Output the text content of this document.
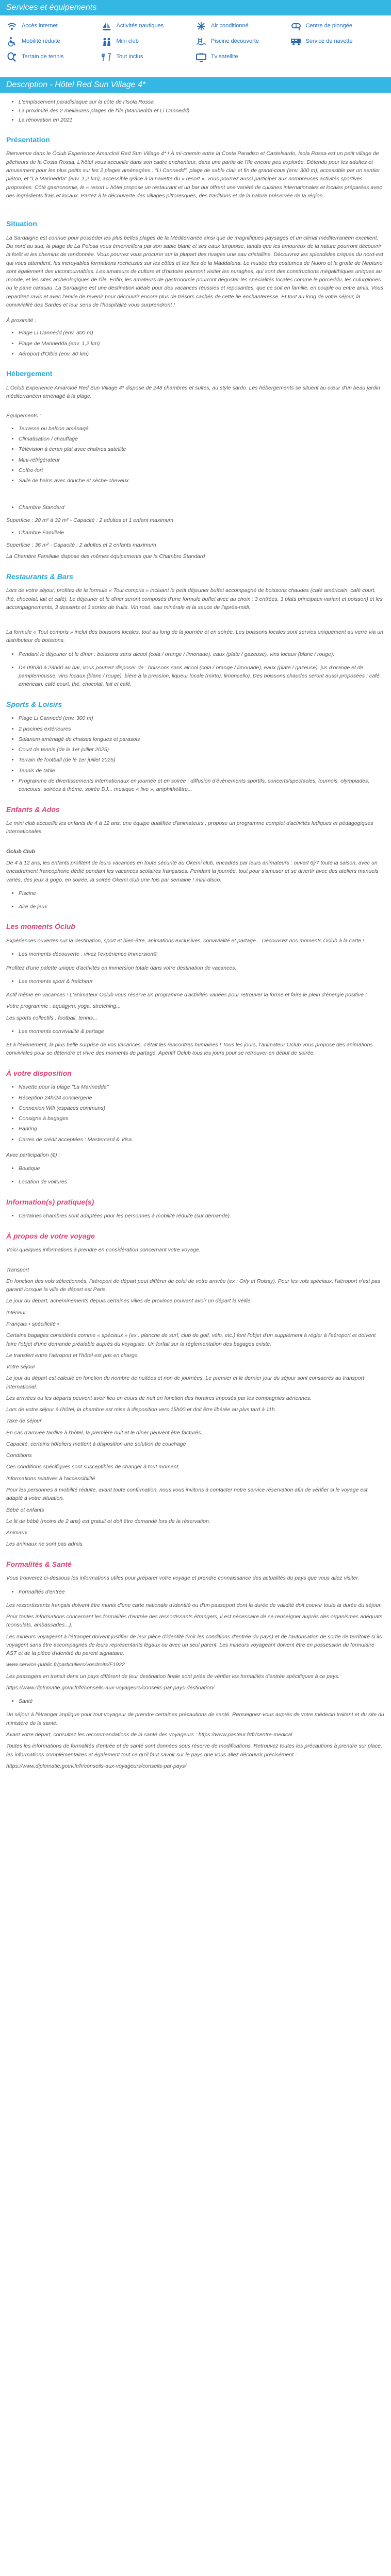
Services et équipements
Accès internet	Activités nautiques	Air conditionné	Centre de plongée
Mobilité réduite	Mini club	Piscine découverte	Service de navette
Terrain de tennis	Tout inclus	Tv satellite
Description - Hôtel Red Sun Village 4*
• L'emplacement paradisiaque sur la côte de l'Isola Rossa
• La proximité des 2 meilleures plages de l'île (Marinedda et Li Cannedd)
• La rénovation en 2021
Présentation

Bienvenue dans le Óclub Experience Amarcloé Red Sun Village 4* ! À mi-chemin entre la Costa Paradiso et Castelsardo, Isola Rossa est un petit village de pêcheurs de la Costa Rossa. L'hôtel vous accueille dans son cadre enchanteur, dans une partie de l'île encore peu explorée. Détendu pour les adultes et amusement pour les plus petits sur les 2 plages aménagées : "Li Cannedd", plage de sable clair et fin de grand-cous (env. 300 m), accessible par un sentier piéton, et "La Marinedda" (env. 1,2 km), accessible grâce à la navette du « resort », vous pourrez aussi participer aux nombreuses activités sportives proposées. Côté gastronomie, le « resort » hôtel propose un restaurant et un bar qui offrent une variété de cuisines internationales et locales préparées avec des ingrédients frais et locaux. Partez à la découverte des villages pittoresques, des traditions et de la nature préservée de la région.

Situation

La Sardaigne est connue pour posséder les plus belles plages de la Méditerranée ainsi que de magnifiques paysages et un climat méditerranéen excellent. Du nord au sud, la plage de La Pelosa vous émerveillera par son sable blanc et ses eaux turquoise, tandis que les amoureux de la nature pourront découvrir la forêt et les chemins de randonnée. Vous pourrez vous procurer sur la plupart des rivages une eau cristalline. Découvrez les splendides criques du nord-est qui vous attendent, les incroyables formations rocheuses sur les côtes et les îles de la Maddalena. Le musée des costumes de Nuoro et la grotte de Neptune sont également des incontournables. Les amateurs de culture et d'histoire pourront visiter les nuraghes, qui sont des constructions mégalithiques uniques au monde, et les sites archéologiques de l'île. Enfin, les amateurs de gastronomie pourront déguster les spécialités locales comme le porceddu, les culurgiones ou le pane carasau. La Sardaigne est une destination idéale pour des vacances réussies et reposantes, que ce soit en famille, en couple ou entre amis. Vous repartirez ravis et avec l'envie de revenir pour découvrir encore plus de trésors cachés de cette île enchanteresse. Et tout au long de votre séjour, la convivialité des Sardes et leur sens de l'hospitalité vous surprendront !

À proximité :

• Plage Li Cannedd (env. 300 m)
• Plage de Marinedda (env. 1,2 km)
• Aéroport d'Olbia (env. 80 km)
Hébergement

L'Óclub Experience Amarcloé Red Sun Village 4* dispose de 248 chambres et suites, au style sardo. Les hébergements se situent au cœur d'un beau jardin méditerranéen aménagé à la plage.

Équipements :

• Terrasse ou balcon aménagé
• Climatisation / chauffage
• Télévision à écran plat avec chaînes satellite
• Mini-réfrigérateur
• Coffre-fort
• Salle de bains avec douche et sèche-cheveux
• Chambre Standard

Superficie : 28 m² à 32 m² - Capacité : 2 adultes et 1 enfant maximum

• Chambre Familiale

Superficie : 36 m² - Capacité : 2 adultes et 2 enfants maximum

La Chambre Familiale dispose des mêmes équipements que la Chambre Standard

Restaurants & Bars

Lors de votre séjour, profitez de la formule « Tout compris » incluant le petit déjeuner buffet accompagné de boissons chaudes (café américain, café court, thé, chocolat, lait et café). Le déjeuner et le dîner seront composés d'une formule buffet avec au choix : 3 entrées, 3 plats principaux variant et poisson) et les accompagnements, 3 desserts et 3 sortes de fruits. Vin rosé, eau minérale et la sauce de l'après-midi.

La formule « Tout compris » inclut des boissons locales, tout au long de la journée et en soirée. Les boissons locales sont servies uniquement au verre via un distributeur de boissons.

• Pendant le déjeuner et le dîner : boissons sans alcool (cola / orange / limonade), eaux (plate / gazeuse), vins locaux (blanc / rouge).
• De 09h30 à 23h00 au bar, vous pourrez disposer de : boissons sans alcool (cola / orange / limonade), eaux (plate / gazeuse), jus d'orange et de pamplemousse, vins locaux (blanc / rouge), bière à la pression, liqueur locale (mirto), limoncello). Des boissons chaudes seront aussi proposées : café américain, café court, thé, chocolat, lait et café.
Sports & Loisirs
• Plage Li Cannedd (env. 300 m)
• 2 piscines extérieures
• Solarium aménagé de chaises longues et parasols
• Court de tennis (de le 1er juillet 2025)
• Terrain de football (de le 1er juillet 2025)
• Tennis de table
• Programme de divertissements internationaux en journée et en soirée : diffusion d'évènements sportifs, concerts/spectacles, tournois, olympiades, concours, soirées à thème, soirée DJ... musique « live », amphithéâtre...
Enfants & Ados

Le mini club accueille les enfants de 4 à 12 ans, une équipe qualifiée d'animateurs ; propose un programme complet d'activités ludiques et pédagogiques internationales.

Óclub Club

De 4 à 12 ans, les enfants profitent de leurs vacances en toute sécurité au Ókemi club, encadrés par leurs animateurs : ouvert 6j/7 toute la saison, avec un encadrement francophone dédié pendant les vacances scolaires françaises. Pendant la journée, tout pour s'amuser et se divertir avec des ateliers manuels variés, des jeux à gogo, en soirée, la soirée Ókemi club une fois par semaine ! mini-disco.

• Piscine
• Aire de jeux
Les moments Óclub

Expériences ouvertes sur la destination, sport et bien-être, animations exclusives, convivialité et partage... Découvrez nos moments Óclub à la carte !

• Les moments découverte : vivez l'expérience Immersion®

Profitez d'une palette unique d'activités en immersion totale dans votre destination de vacances.

• Les moments sport & fraîcheur

Actif même en vacances ! L'animateur Óclub vous réserve un programme d'activités variées pour retrouver la forme et faire le plein d'énergie positive !

Votre programme : aquagym, yoga, stretching...

Les sports collectifs : football, tennis...

• Les moments convivialité & partage

Et à l'évènement, la plus belle surprise de vos vacances, c'était les rencontres humaines ! Tous les jours, l'animateur Óclub vous propose des animations conviviales pour se détendre et vivre des moments de partage. Apéritif Óclub tous les jours pour se retrouver en début de soirée.

À votre disposition
• Navette pour la plage "La Marinedda"
• Réception 24h/24 conciergerie
• Connexion Wifi (espaces communs)
• Consigne à bagages
• Parking
• Cartes de crédit acceptées : Mastercard & Visa.

Avec participation (€) :

• Boutique
• Location de voitures
Information(s) pratique(s)
• Certaines chambres sont adaptées pour les personnes à mobilité réduite (sur demande).
À propos de votre voyage

Voici quelques informations à prendre en considération concernant votre voyage.

Transport

En fonction des vols sélectionnés, l'aéroport de départ peut différer de celui de votre arrivée (ex : Orly et Roissy). Pour les vols spéciaux, l'aéroport n'est pas garanti lorsque la ville de départ est Paris.

Le jour du départ, acheminements depuis certaines villes de province pouvant avoir un départ la veille.

Intérieur

Français • spécificité •

Certains bagages considérés comme « spéciaux » (ex : planche de surf, club de golf, vélo, etc.) font l'objet d'un supplément à régler à l'aéroport et doivent faire l'objet d'une demande préalable auprès du voyagiste. Un forfait sur la réglementation des bagages existe.

Le transfert entre l'aéroport et l'hôtel est pris en charge.

Votre séjour

Le jour du départ est calculé en fonction du nombre de nuitées et non de journées. Le premier et le dernier jour du séjour sont consacrés au transport international.

Les arrivées ou les départs peuvent avoir lieu en cours de nuit en fonction des horaires imposés par les compagnies aériennes.

Lors de votre séjour à l'hôtel, la chambre est mise à disposition vers 15h00 et doit être libérée au plus tard à 11h.

Taxe de séjour

En cas d'arrivée tardive à l'hôtel, la première nuit et le dîner peuvent être facturés.

Capacité, certains hôteliers mettent à disposition une solution de couchage

Conditions

Ces conditions spécifiques sont susceptibles de changer à tout moment.

Informations relatives à l'accessibilité

Pour les personnes à mobilité réduite, avant toute confirmation, nous vous invitons à contacter notre service réservation afin de vérifier si le voyage est adapté à votre situation.

Bébé et enfants

Le lit de bébé (moins de 2 ans) est gratuit et doit être demandé lors de la réservation.

Animaux

Les animaux ne sont pas admis.

Formalités & Santé

Vous trouverez ci-dessous les informations utiles pour préparer votre voyage et prendre connaissance des actualités du pays que vous allez visiter.

• Formalités d'entrée

Les ressortissants français doivent être munis d'une carte nationale d'identité ou d'un passeport dont la durée de validité doit couvrir toute la durée du séjour.

Pour toutes informations concernant les formalités d'entrée des ressortissants étrangers, il est nécessaire de se renseigner auprès des organismes adéquats (consulats, ambassades...).

Les mineurs voyageant à l'étranger doivent justifier de leur pièce d'identité (voir les conditions d'entrée du pays) et de l'autorisation de sortie de territoire si ils voyagent sans être accompagnés de leurs représentants légaux ou avec un seul parent. Les mineurs voyageant doivent être en possession du formulaire AST et de la pièce d'identité du parent signataire.

www.service-public.fr/particuliers/vosdroits/F1922

Les passagers en transit dans un pays différent de leur destination finale sont priés de vérifier les formalités d'entrée spécifiques à ce pays.

https://www.diplomatie.gouv.fr/fr/conseils-aux-voyageurs/conseils-par-pays-destination/

• Santé

Un séjour à l'étranger implique pour tout voyageur de prendre certaines précautions de santé. Renseignez-vous auprès de votre médecin traitant et du site du ministère de la santé.

Avant votre départ, consultez les recommandations de la santé des voyageurs : https://www.pasteur.fr/fr/centre-medical

Toutes les informations de formalités d'entrée et de santé sont données sous réserve de modifications. Retrouvez toutes les précautions à prendre sur place, les informations complémentaires et également tout ce qu'il faut savoir sur le pays que vous allez découvrir précisément :

https://www.diplomatie.gouv.fr/fr/conseils-aux-voyageurs/conseils-par-pays/
